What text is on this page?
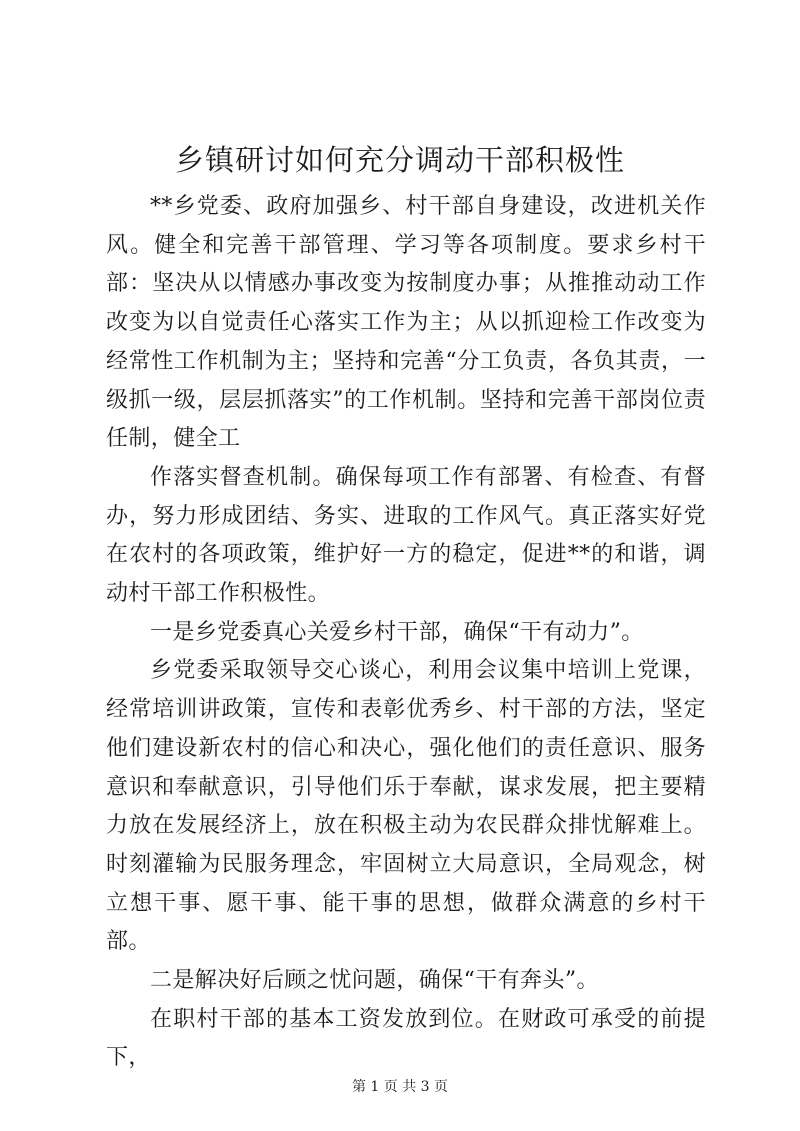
乡镇研讨如何充分调动干部积极性

**乡党委、政府加强乡、村干部自身建设，改进机关作风。健全和完善干部管理、学习等各项制度。要求乡村干部：坚决从以情感办事改变为按制度办事；从推推动动工作改变为以自觉责任心落实工作为主；从以抓迎检工作改变为经常性工作机制为主；坚持和完善“分工负责，各负其责，一级抓一级，层层抓落实”的工作机制。坚持和完善干部岗位责任制，健全工

作落实督查机制。确保每项工作有部署、有检查、有督办，努力形成团结、务实、进取的工作风气。真正落实好党在农村的各项政策，维护好一方的稳定，促进**的和谐，调动村干部工作积极性。

一是乡党委真心关爱乡村干部，确保“干有动力”。

乡党委采取领导交心谈心，利用会议集中培训上党课，经常培训讲政策，宣传和表彰优秀乡、村干部的方法，坚定他们建设新农村的信心和决心，强化他们的责任意识、服务意识和奉献意识，引导他们乐于奉献，谋求发展，把主要精力放在发展经济上，放在积极主动为农民群众排忧解难上。时刻灌输为民服务理念，牢固树立大局意识，全局观念，树立想干事、愿干事、能干事的思想，做群众满意的乡村干部。

二是解决好后顾之忧问题，确保“干有奔头”。

在职村干部的基本工资发放到位。在财政可承受的前提下，

第 1 页 共 3 页
